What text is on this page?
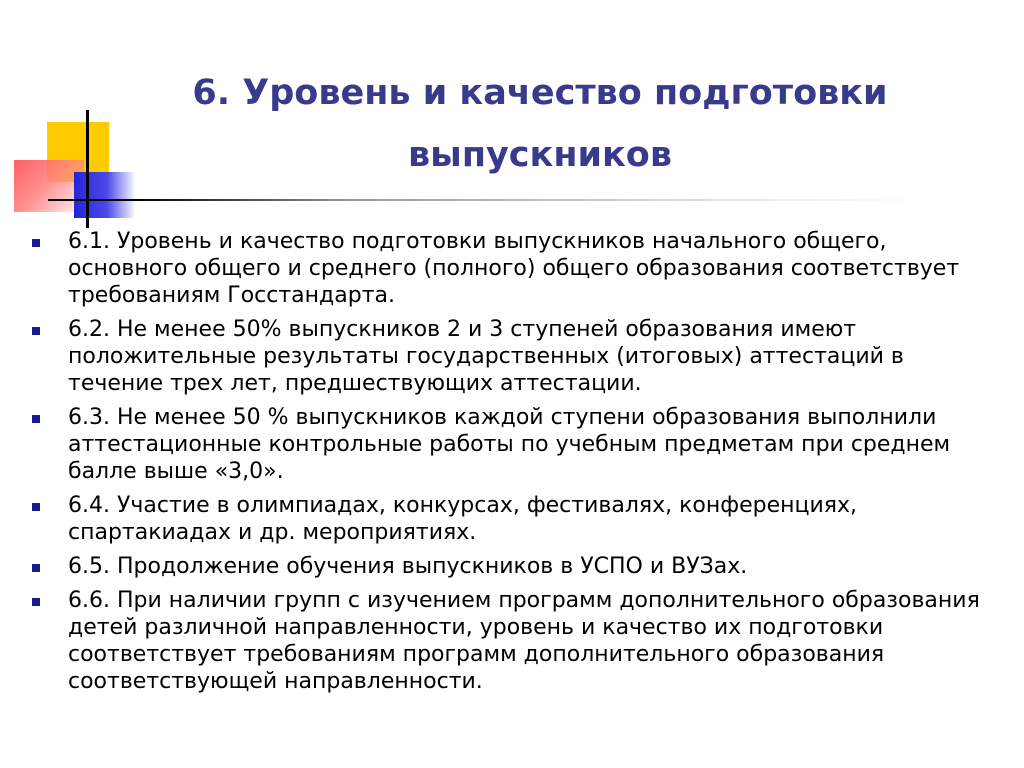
6. Уровень и качество подготовки
выпускников
6.1. Уровень и качество подготовки выпускников начального общего, основного общего и среднего (полного) общего образования соответствует требованиям Госстандарта.
6.2. Не менее 50% выпускников 2 и 3 ступеней образования имеют положительные результаты государственных (итоговых) аттестаций в течение трех лет, предшествующих аттестации.
6.3. Не менее 50 % выпускников каждой ступени образования выполнили аттестационные контрольные работы по учебным предметам при среднем балле выше «3,0».
6.4. Участие в олимпиадах, конкурсах, фестивалях, конференциях, спартакиадах и др. мероприятиях.
6.5. Продолжение обучения выпускников в УСПО и ВУЗах.
6.6. При наличии групп с изучением программ дополнительного образования детей различной направленности, уровень и качество их подготовки соответствует требованиям программ дополнительного образования соответствующей направленности.
